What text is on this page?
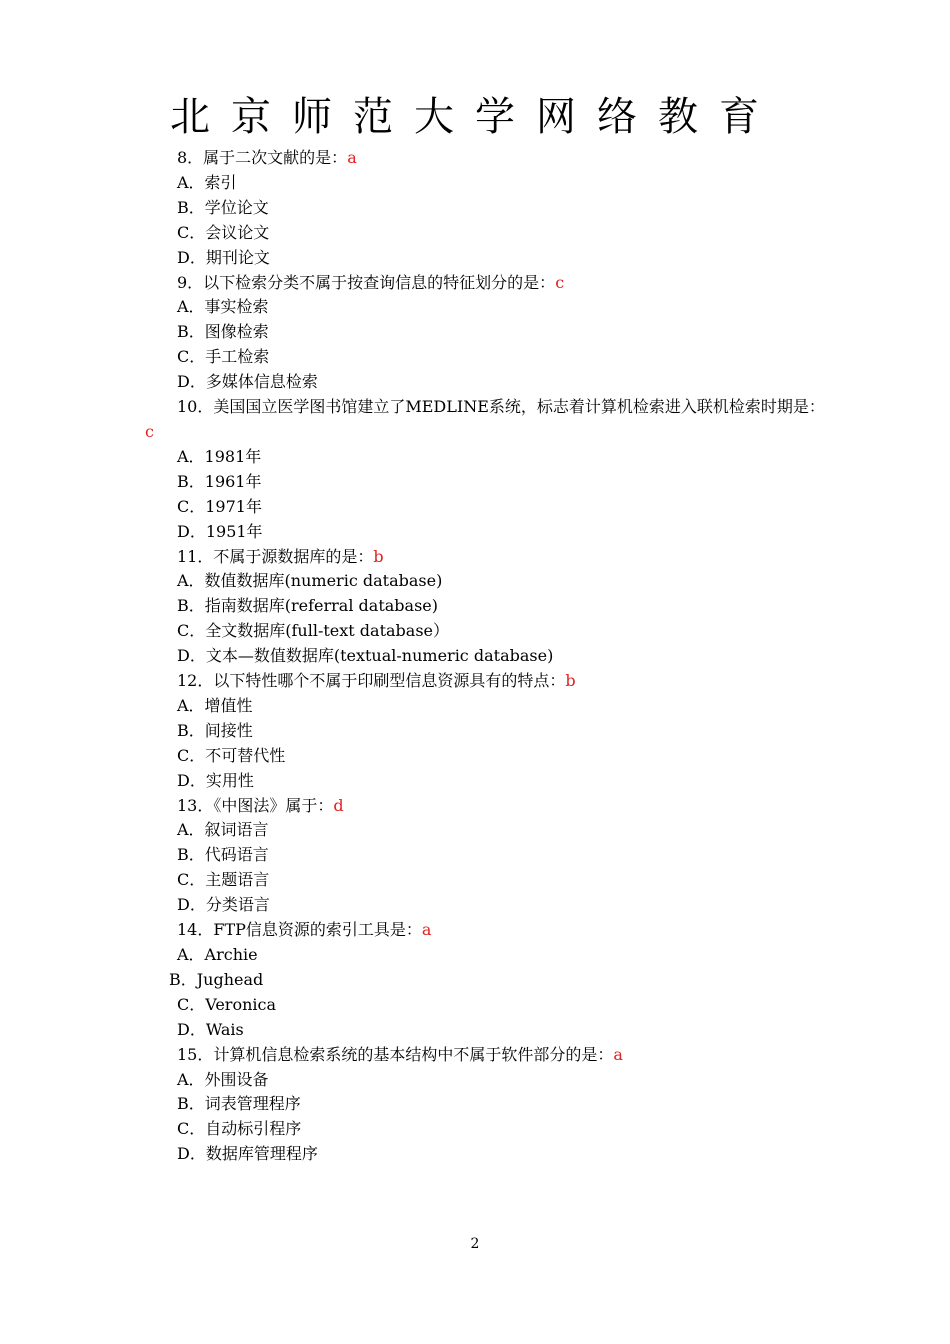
北京师范大学网络教育
8．属于二次文献的是：a
A．索引
B．学位论文
C．会议论文
D．期刊论文
9．以下检索分类不属于按查询信息的特征划分的是：c
A．事实检索
B．图像检索
C．手工检索
D．多媒体信息检索
10．美国国立医学图书馆建立了MEDLINE系统，标志着计算机检索进入联机检索时期是：
c
A．1981年
B．1961年
C．1971年
D．1951年
11．不属于源数据库的是：b
A．数值数据库(numeric database)
B．指南数据库(referral database)
C．全文数据库(full-text database）
D．文本—数值数据库(textual-numeric database)
12．以下特性哪个不属于印刷型信息资源具有的特点：b
A．增值性
B．间接性
C．不可替代性
D．实用性
13．《中图法》属于：d
A．叙词语言
B．代码语言
C．主题语言
D．分类语言
14．FTP信息资源的索引工具是：a
A．Archie
B．Jughead
C．Veronica
D．Wais
15．计算机信息检索系统的基本结构中不属于软件部分的是：a
A．外围设备
B．词表管理程序
C．自动标引程序
D．数据库管理程序
2
